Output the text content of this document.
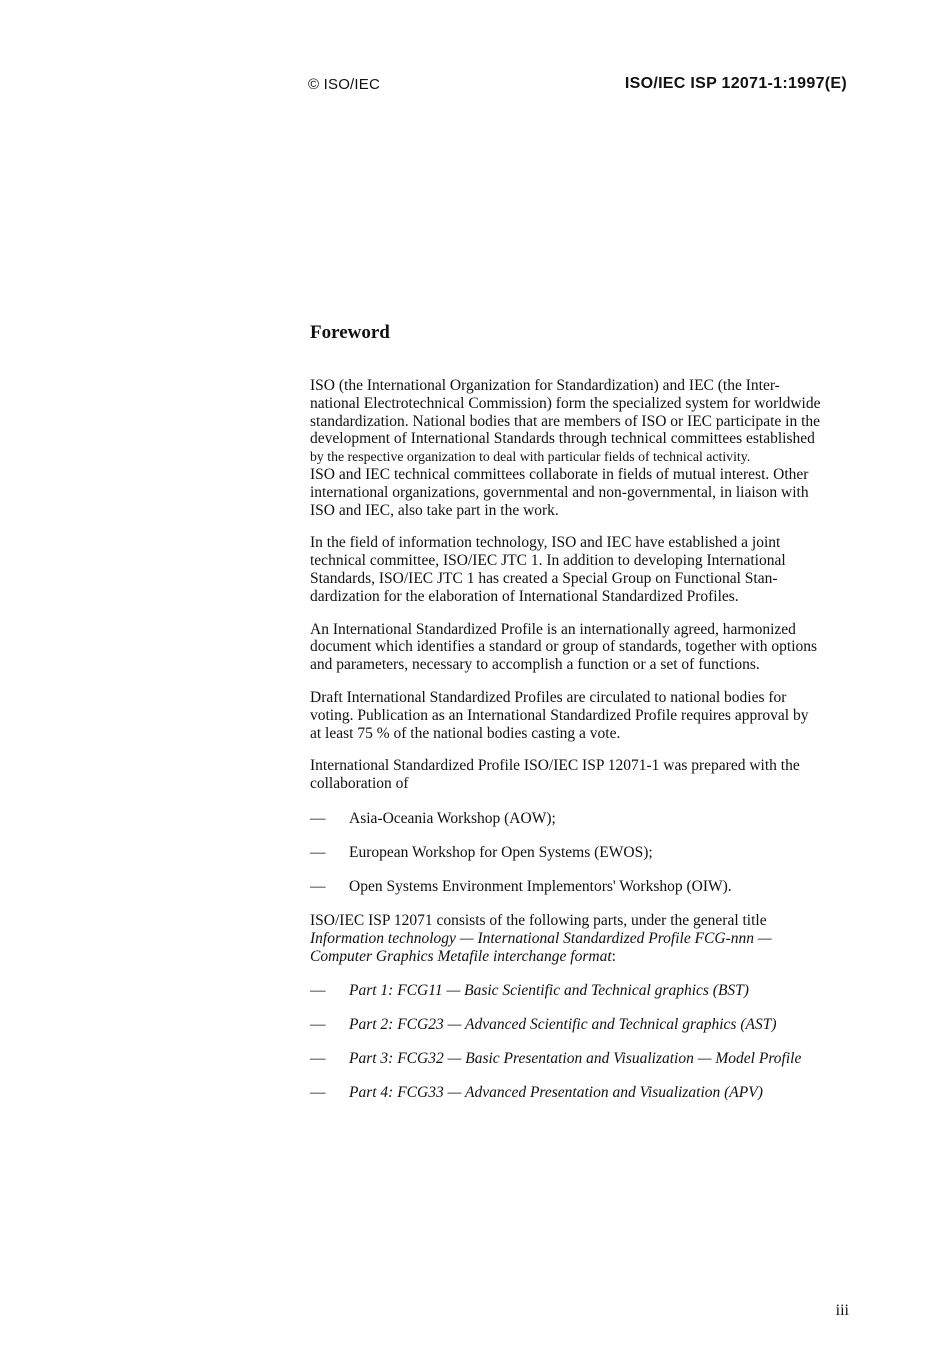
© ISO/IEC	ISO/IEC ISP 12071-1:1997(E)
Foreword
ISO (the International Organization for Standardization) and IEC (the Inter-
national Electrotechnical Commission) form the specialized system for worldwide
standardization. National bodies that are members of ISO or IEC participate in the
development of International Standards through technical committees established
by the respective organization to deal with particular fields of technical activity.
ISO and IEC technical committees collaborate in fields of mutual interest. Other
international organizations, governmental and non-governmental, in liaison with
ISO and IEC, also take part in the work.
In the field of information technology, ISO and IEC have established a joint
technical committee, ISO/IEC JTC 1. In addition to developing International
Standards, ISO/IEC JTC 1 has created a Special Group on Functional Stan-
dardization for the elaboration of International Standardized Profiles.
An International Standardized Profile is an internationally agreed, harmonized
document which identifies a standard or group of standards, together with options
and parameters, necessary to accomplish a function or a set of functions.
Draft International Standardized Profiles are circulated to national bodies for
voting. Publication as an International Standardized Profile requires approval by
at least 75 % of the national bodies casting a vote.
International Standardized Profile ISO/IEC ISP 12071-1 was prepared with the
collaboration of
— Asia-Oceania Workshop (AOW);
— European Workshop for Open Systems (EWOS);
— Open Systems Environment Implementors' Workshop (OIW).
ISO/IEC ISP 12071 consists of the following parts, under the general title
Information technology — International Standardized Profile FCG-nnn —
Computer Graphics Metafile interchange format:
— Part 1: FCG11 — Basic Scientific and Technical graphics (BST)
— Part 2: FCG23 — Advanced Scientific and Technical graphics (AST)
— Part 3: FCG32 — Basic Presentation and Visualization — Model Profile
— Part 4: FCG33 — Advanced Presentation and Visualization (APV)
iii
